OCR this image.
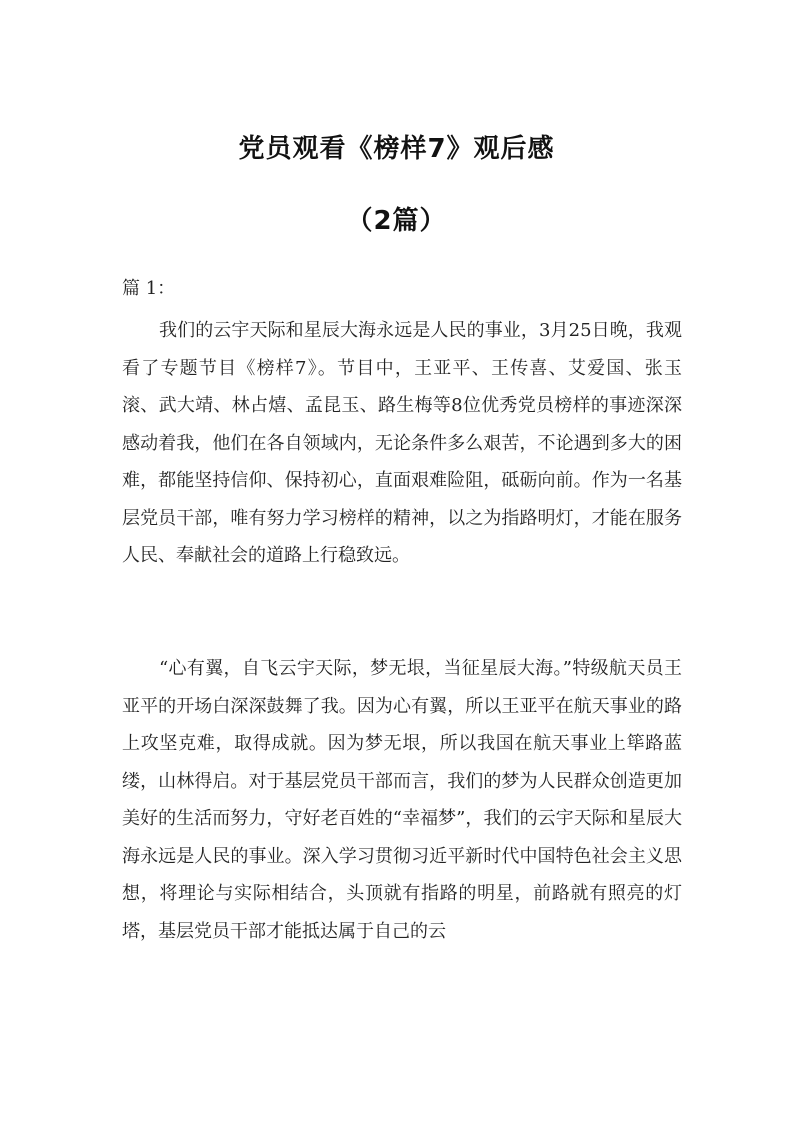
党员观看《榜样7》观后感
（2篇）
篇 1：
我们的云宇天际和星辰大海永远是人民的事业，3月25日晚，我观看了专题节目《榜样7》。节目中，王亚平、王传喜、艾爱国、张玉滚、武大靖、林占熺、孟昆玉、路生梅等8位优秀党员榜样的事迹深深感动着我，他们在各自领域内，无论条件多么艰苦，不论遇到多大的困难，都能坚持信仰、保持初心，直面艰难险阻，砥砺向前。作为一名基层党员干部，唯有努力学习榜样的精神，以之为指路明灯，才能在服务人民、奉献社会的道路上行稳致远。
“心有翼，自飞云宇天际，梦无垠，当征星辰大海。”特级航天员王亚平的开场白深深鼓舞了我。因为心有翼，所以王亚平在航天事业的路上攻坚克难，取得成就。因为梦无垠，所以我国在航天事业上筚路蓝缕，山林得启。对于基层党员干部而言，我们的梦为人民群众创造更加美好的生活而努力，守好老百姓的“幸福梦”，我们的云宇天际和星辰大海永远是人民的事业。深入学习贯彻习近平新时代中国特色社会主义思想，将理论与实际相结合，头顶就有指路的明星，前路就有照亮的灯塔，基层党员干部才能抵达属于自己的云
